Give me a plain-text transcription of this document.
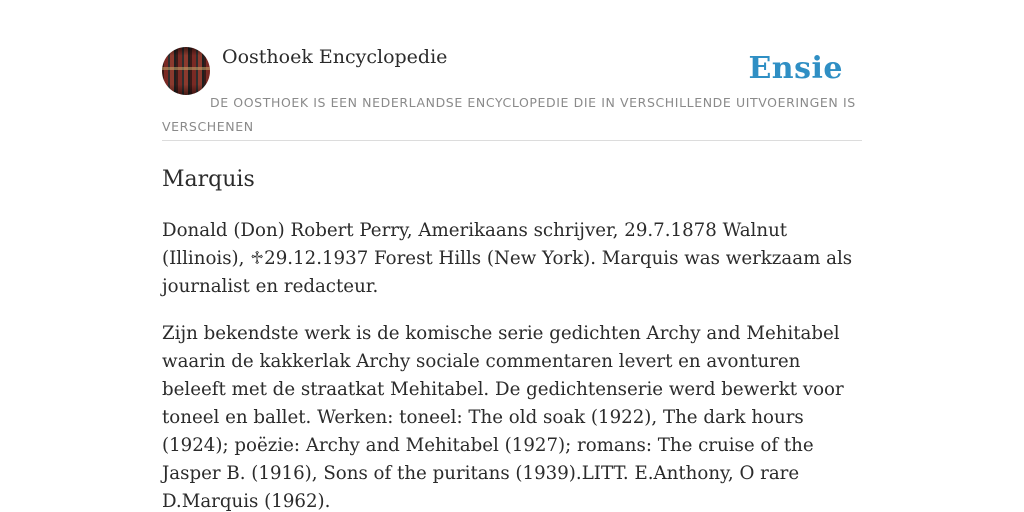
Oosthoek Encyclopedie	Ensie
DE OOSTHOEK IS EEN NEDERLANDSE ENCYCLOPEDIE DIE IN VERSCHILLENDE UITVOERINGEN IS VERSCHENEN
Marquis

Donald (Don) Robert Perry, Amerikaans schrijver, 29.7.1878 Walnut (Illinois), ♱29.12.1937 Forest Hills (New York). Marquis was werkzaam als journalist en redacteur.

Zijn bekendste werk is de komische serie gedichten Archy and Mehitabel waarin de kakkerlak Archy sociale commentaren levert en avonturen beleeft met de straatkat Mehitabel. De gedichtenserie werd bewerkt voor toneel en ballet. Werken: toneel: The old soak (1922), The dark hours (1924); poëzie: Archy and Mehitabel (1927); romans: The cruise of the Jasper B. (1916), Sons of the puritans (1939).LITT. E.Anthony, O rare D.Marquis (1962).
